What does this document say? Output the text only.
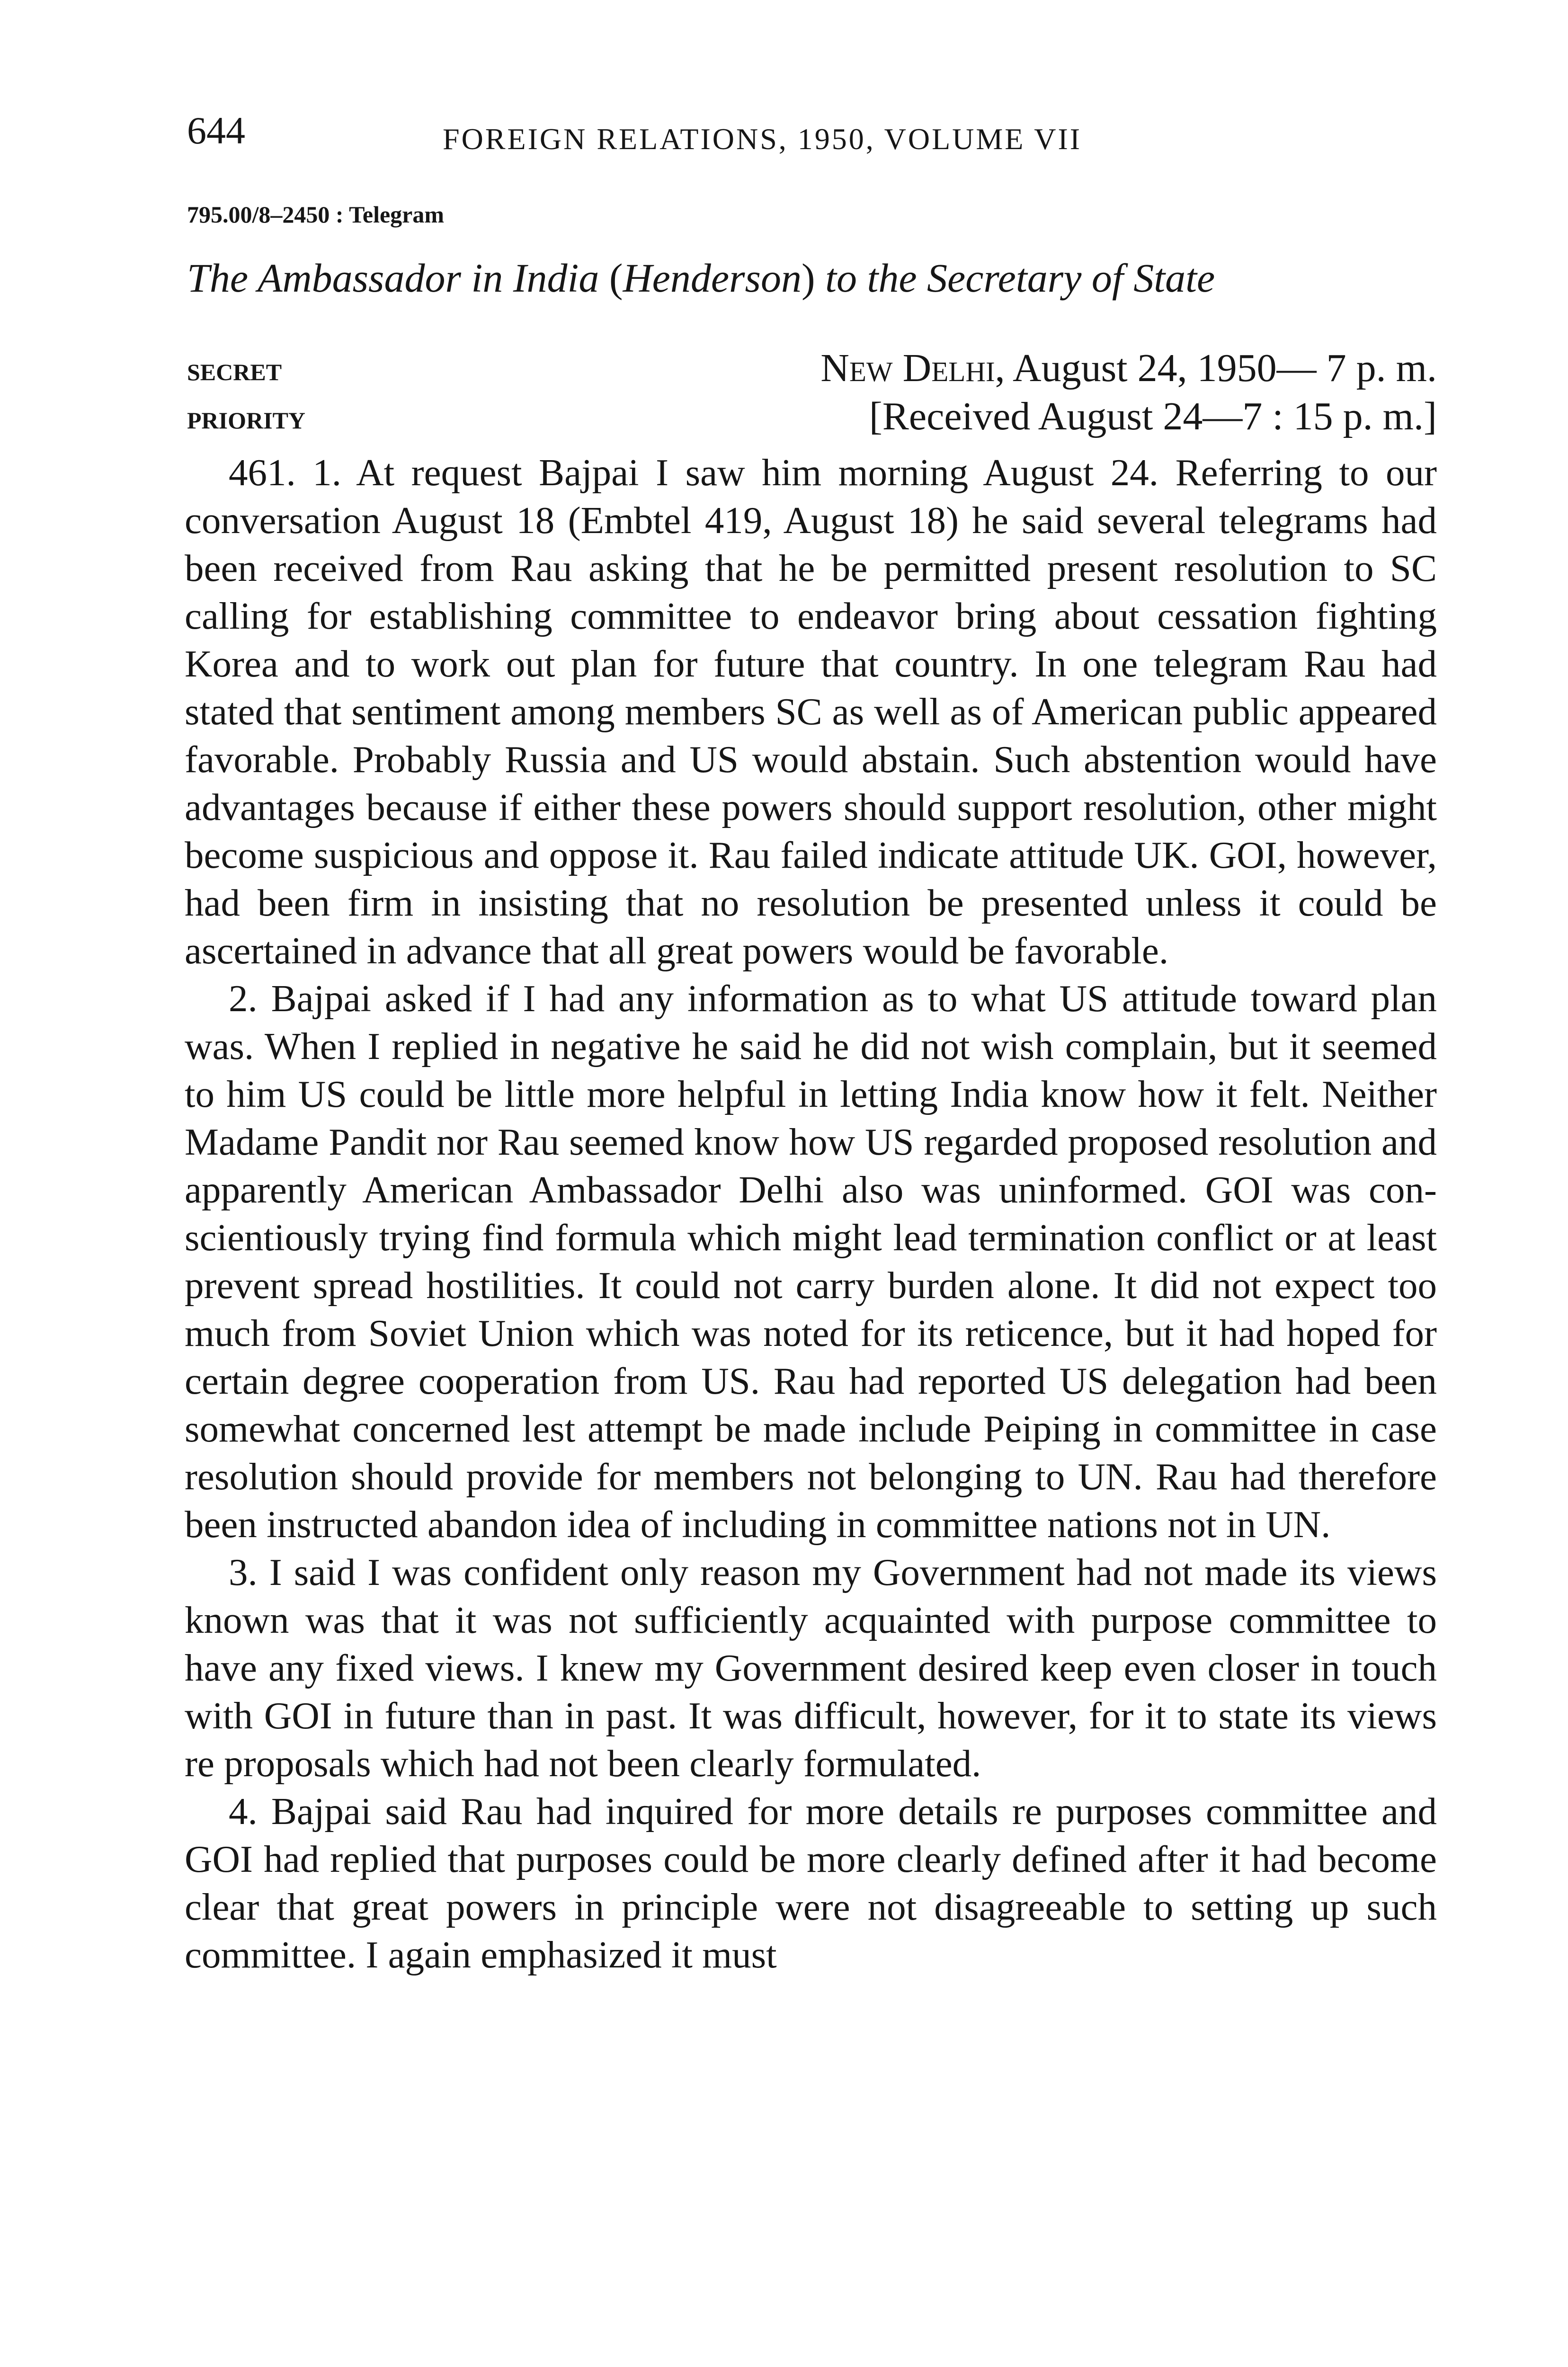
644	FOREIGN RELATIONS, 1950, VOLUME VII
795.00/8–2450 : Telegram
The Ambassador in India (Henderson) to the Secretary of State
SECRET	New Delhi, August 24, 1950— 7 p. m.
PRIORITY	[Received August 24—7 : 15 p. m.]

461. 1. At request Bajpai I saw him morning August 24. Referring to our conversation August 18 (Embtel 419, August 18) he said several telegrams had been received from Rau asking that he be permitted present resolution to SC calling for establishing committee to endeavor bring about cessation fighting Korea and to work out plan for future that country. In one telegram Rau had stated that sentiment among members SC as well as of American public appeared favorable. Probably Russia and US would abstain. Such abstention would have advantages because if either these powers should support resolution, other might become suspicious and oppose it. Rau failed indicate attitude UK. GOI, however, had been firm in insisting that no resolution be presented unless it could be ascertained in advance that all great powers would be favorable.

2. Bajpai asked if I had any information as to what US attitude toward plan was. When I replied in negative he said he did not wish complain, but it seemed to him US could be little more helpful in letting India know how it felt. Neither Madame Pandit nor Rau seemed know how US regarded proposed resolution and apparently American Ambassador Delhi also was uninformed. GOI was conscientiously trying find formula which might lead termination conflict or at least prevent spread hostilities. It could not carry burden alone. It did not expect too much from Soviet Union which was noted for its reticence, but it had hoped for certain degree cooperation from US. Rau had reported US delegation had been somewhat concerned lest attempt be made include Peiping in committee in case resolution should provide for members not belonging to UN. Rau had therefore been instructed abandon idea of including in committee nations not in UN.

3. I said I was confident only reason my Government had not made its views known was that it was not sufficiently acquainted with purpose committee to have any fixed views. I knew my Government desired keep even closer in touch with GOI in future than in past. It was difficult, however, for it to state its views re proposals which had not been clearly formulated.

4. Bajpai said Rau had inquired for more details re purposes committee and GOI had replied that purposes could be more clearly defined after it had become clear that great powers in principle were not disagreeable to setting up such committee. I again emphasized it must
